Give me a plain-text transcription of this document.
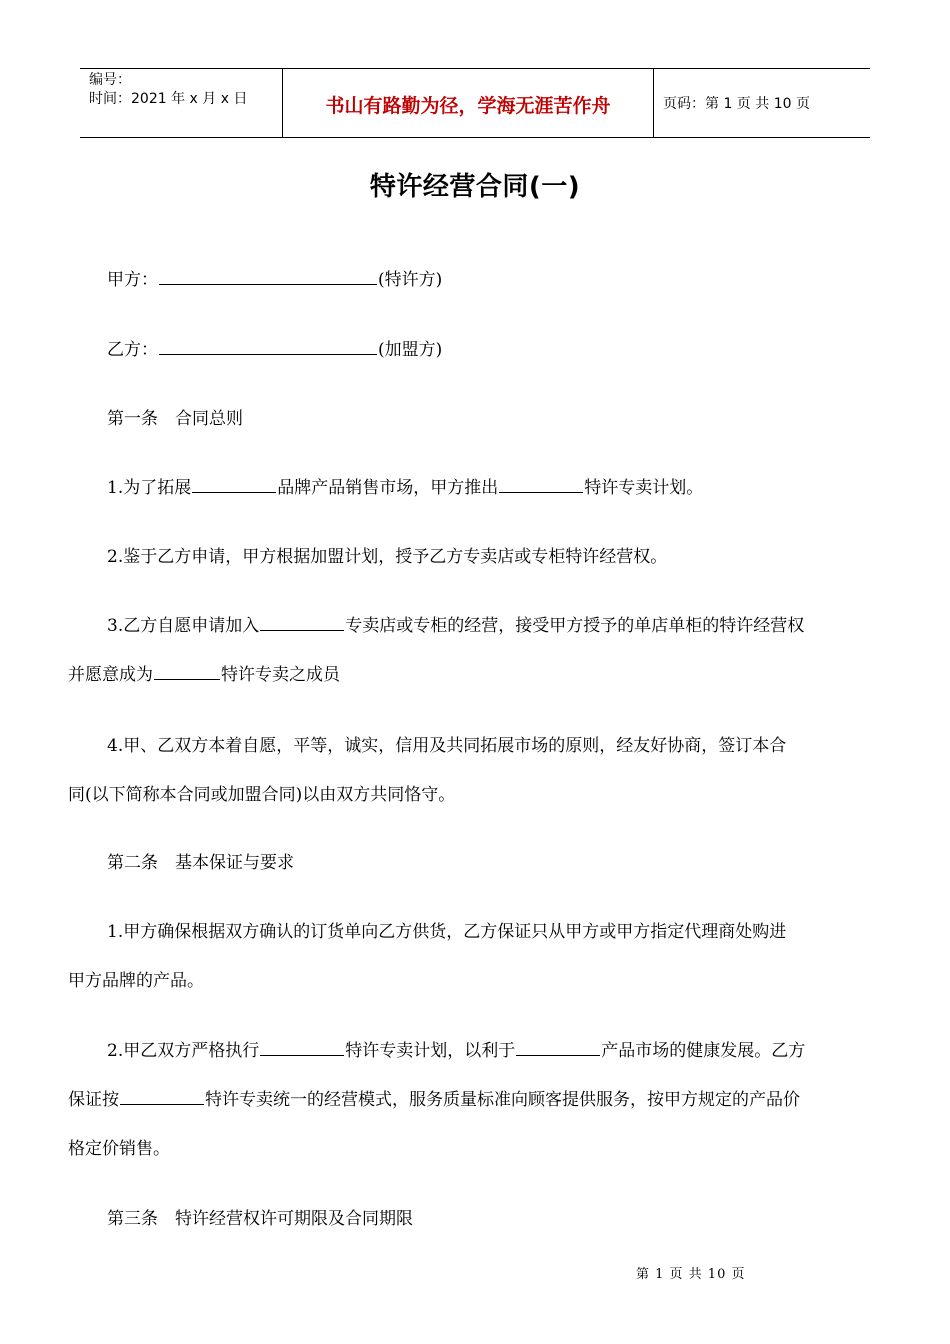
编号：
时间：2021 年 x 月 x 日	书山有路勤为径，学海无涯苦作舟	页码：第 1 页 共 10 页
特许经营合同(一)
甲方：	(特许方)
乙方：	(加盟方)
第一条　合同总则
1.为了拓展	品牌产品销售市场，甲方推出	特许专卖计划。
2.鉴于乙方申请，甲方根据加盟计划，授予乙方专卖店或专柜特许经营权。
3.乙方自愿申请加入	专卖店或专柜的经营，接受甲方授予的单店单柜的特许经营权
并愿意成为	特许专卖之成员
4.甲、乙双方本着自愿，平等，诚实，信用及共同拓展市场的原则，经友好协商，签订本合
同(以下简称本合同或加盟合同)以由双方共同恪守。
第二条　基本保证与要求
1.甲方确保根据双方确认的订货单向乙方供货，乙方保证只从甲方或甲方指定代理商处购进
甲方品牌的产品。
2.甲乙双方严格执行	特许专卖计划，以利于	产品市场的健康发展。乙方
保证按	特许专卖统一的经营模式，服务质量标准向顾客提供服务，按甲方规定的产品价
格定价销售。
第三条　特许经营权许可期限及合同期限
第 1 页 共 10 页
